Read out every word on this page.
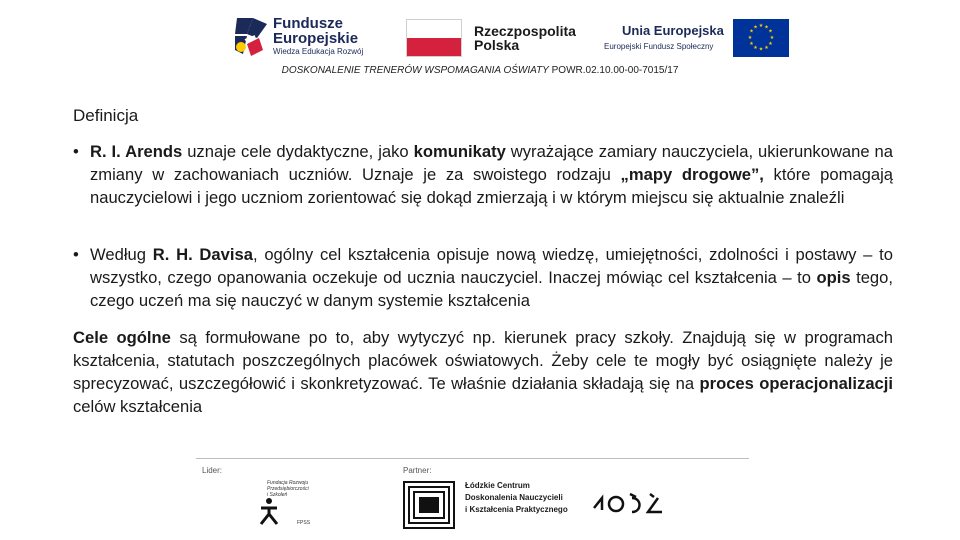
Fundusze
Europejskie
Wiedza Edukacja Rozwój
Rzeczpospolita
Polska
Unia Europejska
Europejski Fundusz Społeczny
★ ★
★
★
★
★
★
★
★
★
★
★
DOSKONALENIE TRENERÓW WSPOMAGANIA OŚWIATY POWR.02.10.00-00-7015/17
Definicja
• R. I. Arends uznaje cele dydaktyczne, jako komunikaty wyrażające zamiary nauczyciela, ukierunkowane na zmiany w zachowaniach uczniów. Uznaje je za swoistego rodzaju „mapy drogowe”, które pomagają nauczycielowi i jego uczniom zorientować się dokąd zmierzają i w którym miejscu się aktualnie znaleźli
• Według R. H. Davisa, ogólny cel kształcenia opisuje nową wiedzę, umiejętności, zdolności i postawy – to wszystko, czego opanowania oczekuje od ucznia nauczyciel. Inaczej mówiąc cel kształcenia – to opis tego, czego uczeń ma się nauczyć w danym systemie kształcenia
Cele ogólne są formułowane po to, aby wytyczyć np. kierunek pracy szkoły. Znajdują się w programach kształcenia, statutach poszczególnych placówek oświatowych. Żeby cele te mogły być osiągnięte należy je sprecyzować, uszczegółowić i skonkretyzować. Te właśnie działania składają się na proces operacjonalizacji celów kształcenia
Lider:	Partner:
Fundacja Rozwoju
Przedsiębiorczości
i Szkoleń
FPSS
Łódzkie Centrum
Doskonalenia Nauczycieli
i Kształcenia Praktycznego
